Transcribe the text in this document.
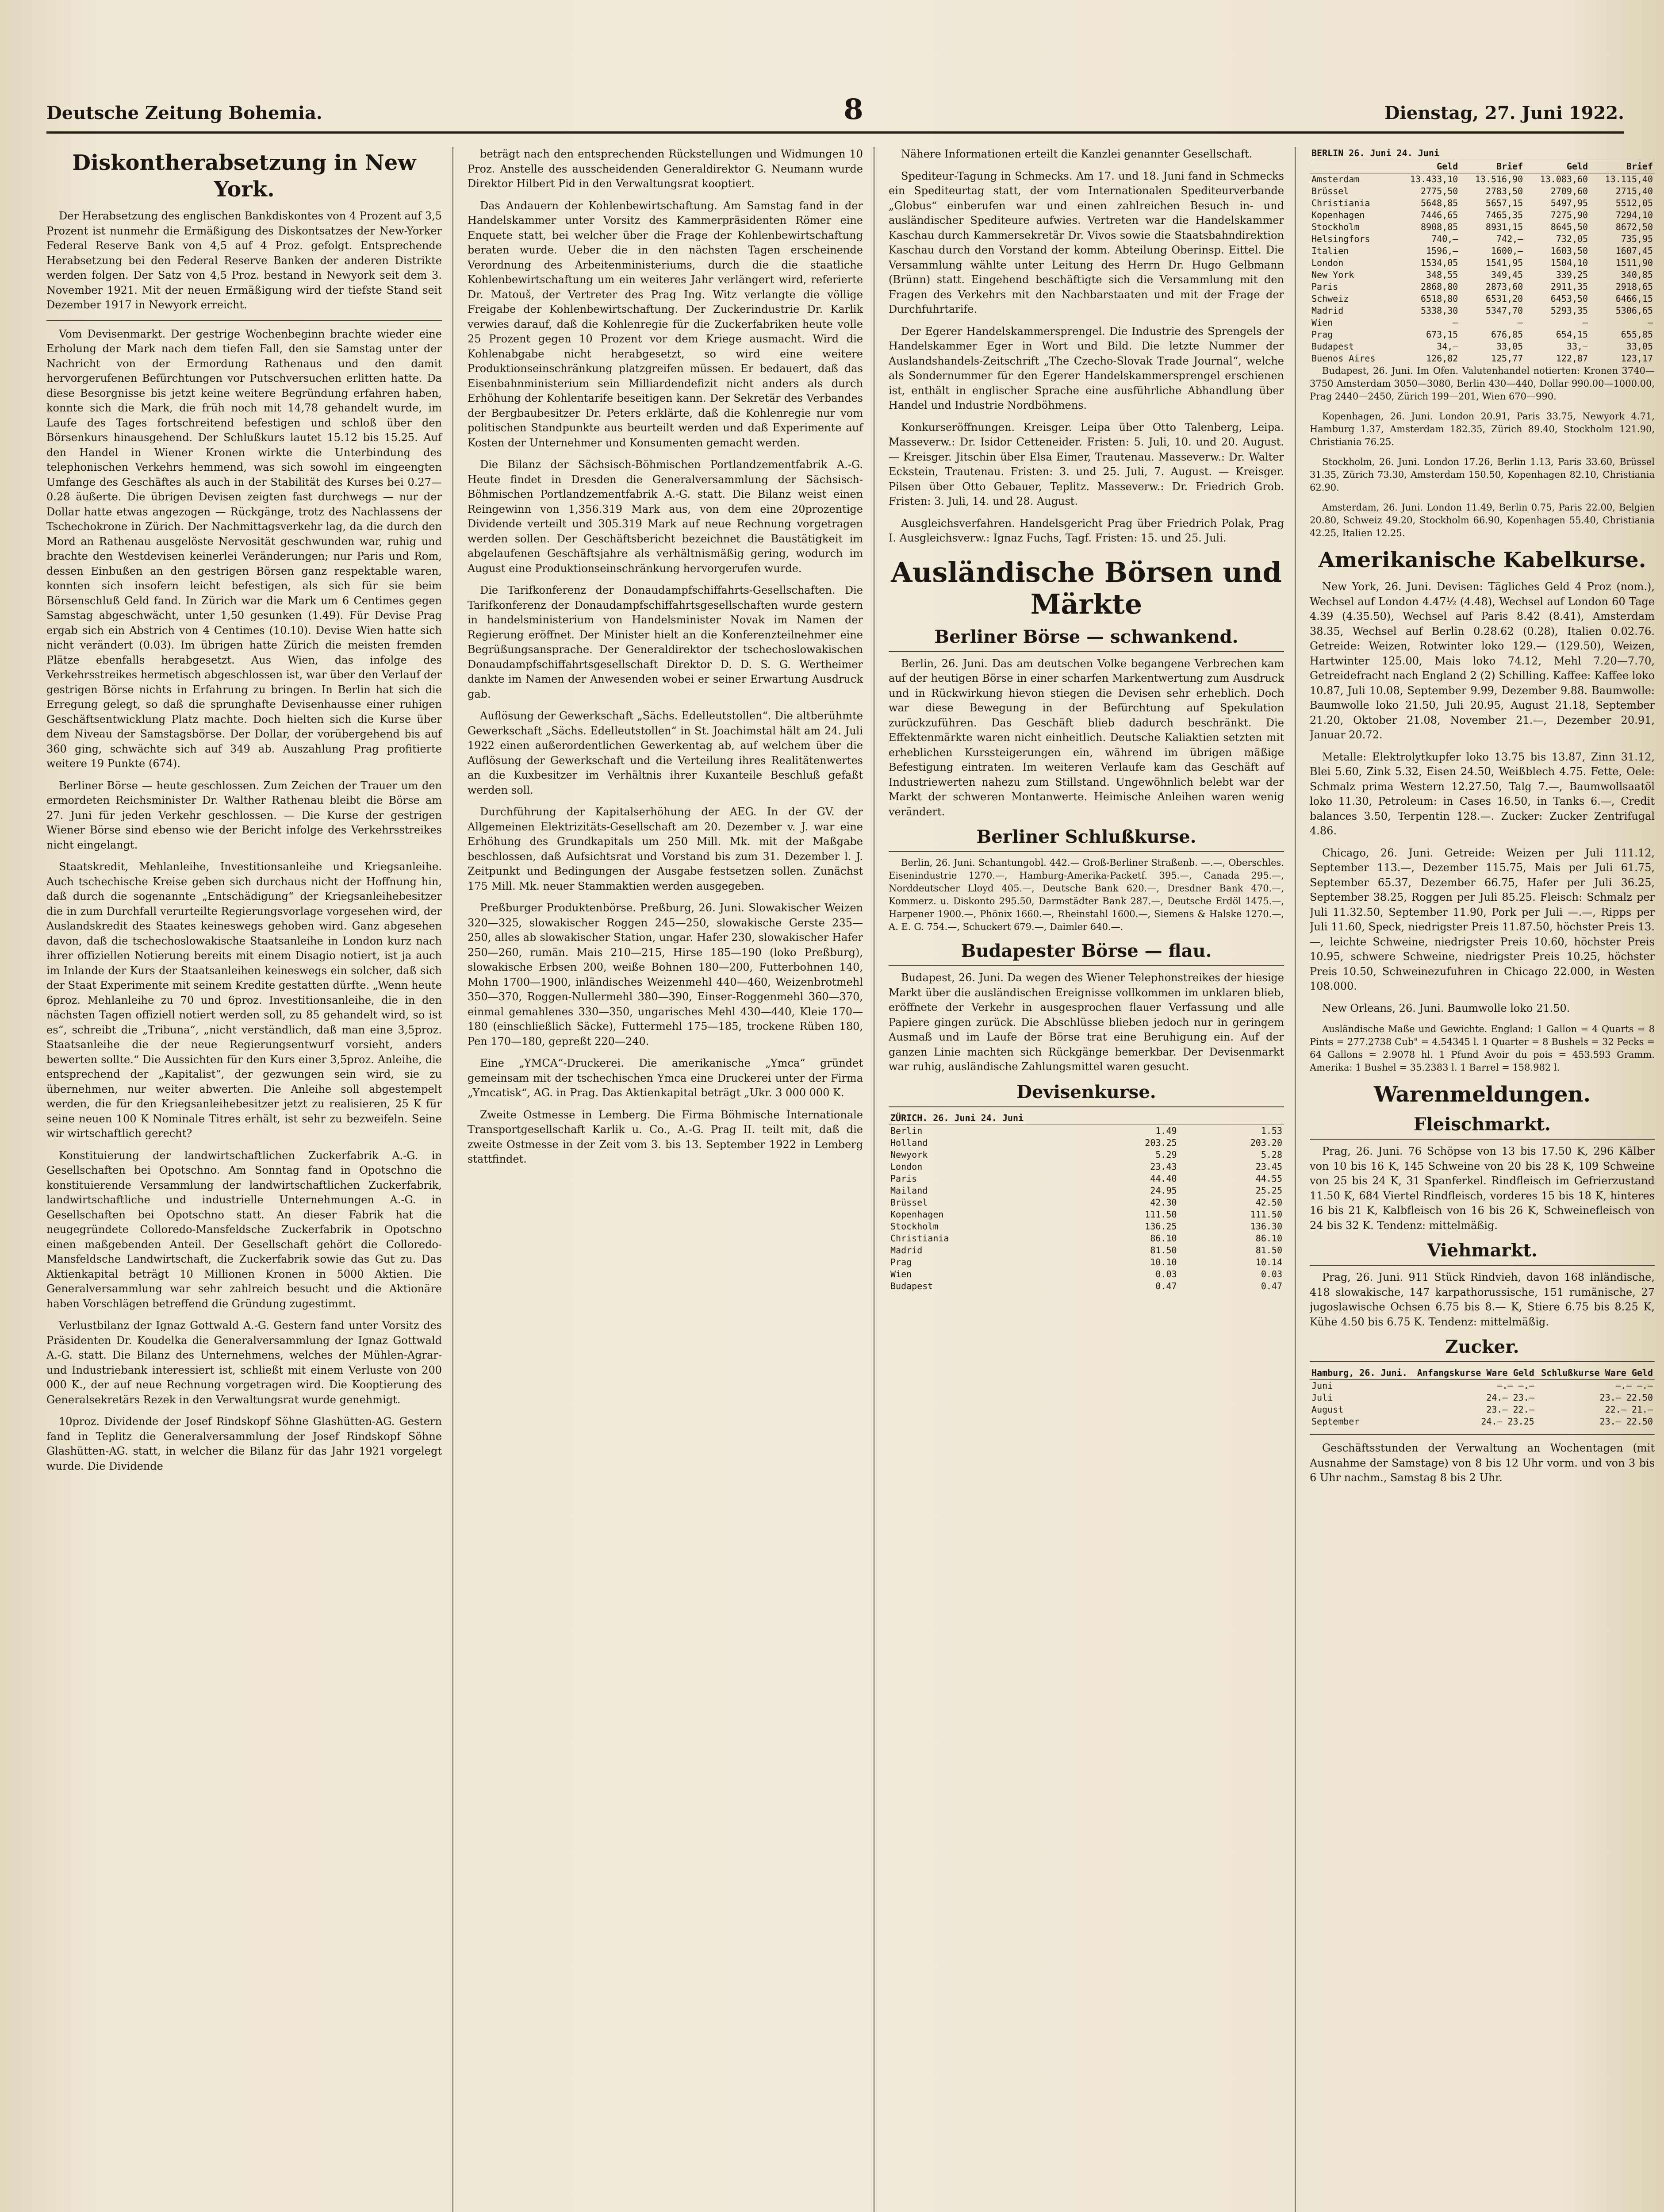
Deutsche Zeitung Bohemia.	8	Dienstag, 27. Juni 1922.
Diskontherabsetzung in New York.

Der Herabsetzung des englischen Bankdiskontes von 4 Prozent auf 3,5 Prozent ist nunmehr die Ermäßigung des Diskontsatzes der New-Yorker Federal Reserve Bank von 4,5 auf 4 Proz. gefolgt. Entsprechende Herabsetzung bei den Federal Reserve Banken der anderen Distrikte werden folgen. Der Satz von 4,5 Proz. bestand in Newyork seit dem 3. November 1921. Mit der neuen Ermäßigung wird der tiefste Stand seit Dezember 1917 in Newyork erreicht.

Vom Devisenmarkt. Der gestrige Wochenbeginn brachte wieder eine Erholung der Mark nach dem tiefen Fall, den sie Samstag unter der Nachricht von der Ermordung Rathenaus und den damit hervorgerufenen Befürchtungen vor Putschversuchen erlitten hatte. Da diese Besorgnisse bis jetzt keine weitere Begründung erfahren haben, konnte sich die Mark, die früh noch mit 14,78 gehandelt wurde, im Laufe des Tages fortschreitend befestigen und schloß über den Börsenkurs hinausgehend. Der Schlußkurs lautet 15.12 bis 15.25. Auf den Handel in Wiener Kronen wirkte die Unterbindung des telephonischen Verkehrs hemmend, was sich sowohl im eingeengten Umfange des Geschäftes als auch in der Stabilität des Kurses bei 0.27—0.28 äußerte. Die übrigen Devisen zeigten fast durchwegs — nur der Dollar hatte etwas angezogen — Rückgänge, trotz des Nachlassens der Tschechokrone in Zürich. Der Nachmittagsverkehr lag, da die durch den Mord an Rathenau ausgelöste Nervosität geschwunden war, ruhig und brachte den Westdevisen keinerlei Veränderungen; nur Paris und Rom, dessen Einbußen an den gestrigen Börsen ganz respektable waren, konnten sich insofern leicht befestigen, als sich für sie beim Börsenschluß Geld fand. In Zürich war die Mark um 6 Centimes gegen Samstag abgeschwächt, unter 1,50 gesunken (1.49). Für Devise Prag ergab sich ein Abstrich von 4 Centimes (10.10). Devise Wien hatte sich nicht verändert (0.03). Im übrigen hatte Zürich die meisten fremden Plätze ebenfalls herabgesetzt. Aus Wien, das infolge des Verkehrsstreikes hermetisch abgeschlossen ist, war über den Verlauf der gestrigen Börse nichts in Erfahrung zu bringen. In Berlin hat sich die Erregung gelegt, so daß die sprunghafte Devisenhausse einer ruhigen Geschäftsentwicklung Platz machte. Doch hielten sich die Kurse über dem Niveau der Samstagsbörse. Der Dollar, der vorübergehend bis auf 360 ging, schwächte sich auf 349 ab. Auszahlung Prag profitierte weitere 19 Punkte (674).

Berliner Börse — heute geschlossen. Zum Zeichen der Trauer um den ermordeten Reichsminister Dr. Walther Rathenau bleibt die Börse am 27. Juni für jeden Verkehr geschlossen. — Die Kurse der gestrigen Wiener Börse sind ebenso wie der Bericht infolge des Verkehrsstreikes nicht eingelangt.

Staatskredit, Mehlanleihe, Investitionsanleihe und Kriegsanleihe. Auch tschechische Kreise geben sich durchaus nicht der Hoffnung hin, daß durch die sogenannte „Entschädigung“ der Kriegsanleihebesitzer die in zum Durchfall verurteilte Regierungsvorlage vorgesehen wird, der Auslandskredit des Staates keineswegs gehoben wird. Ganz abgesehen davon, daß die tschechoslowakische Staatsanleihe in London kurz nach ihrer offiziellen Notierung bereits mit einem Disagio notiert, ist ja auch im Inlande der Kurs der Staatsanleihen keineswegs ein solcher, daß sich der Staat Experimente mit seinem Kredite gestatten dürfte. „Wenn heute 6proz. Mehlanleihe zu 70 und 6proz. Investitionsanleihe, die in den nächsten Tagen offiziell notiert werden soll, zu 85 gehandelt wird, so ist es“, schreibt die „Tribuna“, „nicht verständlich, daß man eine 3,5proz. Staatsanleihe die der neue Regierungsentwurf vorsieht, anders bewerten sollte.“ Die Aussichten für den Kurs einer 3,5proz. Anleihe, die entsprechend der „Kapitalist“, der gezwungen sein wird, sie zu übernehmen, nur weiter abwerten. Die Anleihe soll abgestempelt werden, die für den Kriegsanleihebesitzer jetzt zu realisieren, 25 K für seine neuen 100 K Nominale Titres erhält, ist sehr zu bezweifeln. Seine wir wirtschaftlich gerecht?

Konstituierung der landwirtschaftlichen Zuckerfabrik A.-G. in Gesellschaften bei Opotschno. Am Sonntag fand in Opotschno die konstituierende Versammlung der landwirtschaftlichen Zuckerfabrik, landwirtschaftliche und industrielle Unternehmungen A.-G. in Gesellschaften bei Opotschno statt. An dieser Fabrik hat die neugegründete Colloredo-Mansfeldsche Zuckerfabrik in Opotschno einen maßgebenden Anteil. Der Gesellschaft gehört die Colloredo-Mansfeldsche Landwirtschaft, die Zuckerfabrik sowie das Gut zu. Das Aktienkapital beträgt 10 Millionen Kronen in 5000 Aktien. Die Generalversammlung war sehr zahlreich besucht und die Aktionäre haben Vorschlägen betreffend die Gründung zugestimmt.

Verlustbilanz der Ignaz Gottwald A.-G. Gestern fand unter Vorsitz des Präsidenten Dr. Koudelka die Generalversammlung der Ignaz Gottwald A.-G. statt. Die Bilanz des Unternehmens, welches der Mühlen-Agrar- und Industriebank interessiert ist, schließt mit einem Verluste von 200 000 K., der auf neue Rechnung vorgetragen wird. Die Kooptierung des Generalsekretärs Rezek in den Verwaltungsrat wurde genehmigt.

10proz. Dividende der Josef Rindskopf Söhne Glashütten-AG. Gestern fand in Teplitz die Generalversammlung der Josef Rindskopf Söhne Glashütten-AG. statt, in welcher die Bilanz für das Jahr 1921 vorgelegt wurde. Die Dividende

beträgt nach den entsprechenden Rückstellungen und Widmungen 10 Proz. Anstelle des ausscheidenden Generaldirektor G. Neumann wurde Direktor Hilbert Pid in den Verwaltungsrat kooptiert.

Das Andauern der Kohlenbewirtschaftung. Am Samstag fand in der Handelskammer unter Vorsitz des Kammerpräsidenten Römer eine Enquete statt, bei welcher über die Frage der Kohlenbewirtschaftung beraten wurde. Ueber die in den nächsten Tagen erscheinende Verordnung des Arbeitenministeriums, durch die die staatliche Kohlenbewirtschaftung um ein weiteres Jahr verlängert wird, referierte Dr. Matouš, der Vertreter des Prag Ing. Witz verlangte die völlige Freigabe der Kohlenbewirtschaftung. Der Zuckerindustrie Dr. Karlik verwies darauf, daß die Kohlenregie für die Zuckerfabriken heute volle 25 Prozent gegen 10 Prozent vor dem Kriege ausmacht. Wird die Kohlenabgabe nicht herabgesetzt, so wird eine weitere Produktionseinschränkung platzgreifen müssen. Er bedauert, daß das Eisenbahnministerium sein Milliardendefizit nicht anders als durch Erhöhung der Kohlentarife beseitigen kann. Der Sekretär des Verbandes der Bergbaubesitzer Dr. Peters erklärte, daß die Kohlenregie nur vom politischen Standpunkte aus beurteilt werden und daß Experimente auf Kosten der Unternehmer und Konsumenten gemacht werden.

Die Bilanz der Sächsisch-Böhmischen Portlandzementfabrik A.-G. Heute findet in Dresden die Generalversammlung der Sächsisch-Böhmischen Portlandzementfabrik A.-G. statt. Die Bilanz weist einen Reingewinn von 1,356.319 Mark aus, von dem eine 20prozentige Dividende verteilt und 305.319 Mark auf neue Rechnung vorgetragen werden sollen. Der Geschäftsbericht bezeichnet die Baustätigkeit im abgelaufenen Geschäftsjahre als verhältnismäßig gering, wodurch im August eine Produktionseinschränkung hervorgerufen wurde.

Die Tarifkonferenz der Donaudampfschiffahrts-Gesellschaften. Die Tarifkonferenz der Donaudampfschiffahrtsgesellschaften wurde gestern in handelsministerium von Handelsminister Novak im Namen der Regierung eröffnet. Der Minister hielt an die Konferenzteilnehmer eine Begrüßungsansprache. Der Generaldirektor der tschechoslowakischen Donaudampfschiffahrtsgesellschaft Direktor D. D. S. G. Wertheimer dankte im Namen der Anwesenden wobei er seiner Erwartung Ausdruck gab.

Auflösung der Gewerkschaft „Sächs. Edelleutstollen“. Die altberühmte Gewerkschaft „Sächs. Edelleutstollen“ in St. Joachimstal hält am 24. Juli 1922 einen außerordentlichen Gewerkentag ab, auf welchem über die Auflösung der Gewerkschaft und die Verteilung ihres Realitätenwertes an die Kuxbesitzer im Verhältnis ihrer Kuxanteile Beschluß gefaßt werden soll.

Durchführung der Kapitalserhöhung der AEG. In der GV. der Allgemeinen Elektrizitäts-Gesellschaft am 20. Dezember v. J. war eine Erhöhung des Grundkapitals um 250 Mill. Mk. mit der Maßgabe beschlossen, daß Aufsichtsrat und Vorstand bis zum 31. Dezember l. J. Zeitpunkt und Bedingungen der Ausgabe festsetzen sollen. Zunächst 175 Mill. Mk. neuer Stammaktien werden ausgegeben.

Preßburger Produktenbörse. Preßburg, 26. Juni. Slowakischer Weizen 320—325, slowakischer Roggen 245—250, slowakische Gerste 235—250, alles ab slowakischer Station, ungar. Hafer 230, slowakischer Hafer 250—260, rumän. Mais 210—215, Hirse 185—190 (loko Preßburg), slowakische Erbsen 200, weiße Bohnen 180—200, Futterbohnen 140, Mohn 1700—1900, inländisches Weizenmehl 440—460, Weizenbrotmehl 350—370, Roggen-Nullermehl 380—390, Einser-Roggenmehl 360—370, einmal gemahlenes 330—350, ungarisches Mehl 430—440, Kleie 170—180 (einschließlich Säcke), Futtermehl 175—185, trockene Rüben 180, Pen 170—180, gepreßt 220—240.

Eine „YMCA“-Druckerei. Die amerikanische „Ymca“ gründet gemeinsam mit der tschechischen Ymca eine Druckerei unter der Firma „Ymcatisk“, AG. in Prag. Das Aktienkapital beträgt „Ukr. 3 000 000 K.

Zweite Ostmesse in Lemberg. Die Firma Böhmische Internationale Transportgesellschaft Karlik u. Co., A.-G. Prag II. teilt mit, daß die zweite Ostmesse in der Zeit vom 3. bis 13. September 1922 in Lemberg stattfindet.

Nähere Informationen erteilt die Kanzlei genannter Gesellschaft.

Spediteur-Tagung in Schmecks. Am 17. und 18. Juni fand in Schmecks ein Spediteurtag statt, der vom Internationalen Spediteurverbande „Globus“ einberufen war und einen zahlreichen Besuch in- und ausländischer Spediteure aufwies. Vertreten war die Handelskammer Kaschau durch Kammersekretär Dr. Vivos sowie die Staatsbahndirektion Kaschau durch den Vorstand der komm. Abteilung Oberinsp. Eittel. Die Versammlung wählte unter Leitung des Herrn Dr. Hugo Gelbmann (Brünn) statt. Eingehend beschäftigte sich die Versammlung mit den Fragen des Verkehrs mit den Nachbarstaaten und mit der Frage der Durchfuhrtarife.

Der Egerer Handelskammersprengel. Die Industrie des Sprengels der Handelskammer Eger in Wort und Bild. Die letzte Nummer der Auslandshandels-Zeitschrift „The Czecho-Slovak Trade Journal“, welche als Sondernummer für den Egerer Handelskammersprengel erschienen ist, enthält in englischer Sprache eine ausführliche Abhandlung über Handel und Industrie Nordböhmens.

Konkurseröffnungen. Kreisger. Leipa über Otto Talenberg, Leipa. Masseverw.: Dr. Isidor Cetteneider. Fristen: 5. Juli, 10. und 20. August. — Kreisger. Jitschin über Elsa Eimer, Trautenau. Masseverw.: Dr. Walter Eckstein, Trautenau. Fristen: 3. und 25. Juli, 7. August. — Kreisger. Pilsen über Otto Gebauer, Teplitz. Masseverw.: Dr. Friedrich Grob. Fristen: 3. Juli, 14. und 28. August.

Ausgleichsverfahren. Handelsgericht Prag über Friedrich Polak, Prag I. Ausgleichsverw.: Ignaz Fuchs, Tagf. Fristen: 15. und 25. Juli.

Ausländische Börsen und Märkte
Berliner Börse — schwankend.

Berlin, 26. Juni. Das am deutschen Volke begangene Verbrechen kam auf der heutigen Börse in einer scharfen Markentwertung zum Ausdruck und in Rückwirkung hievon stiegen die Devisen sehr erheblich. Doch war diese Bewegung in der Befürchtung auf Spekulation zurückzuführen. Das Geschäft blieb dadurch beschränkt. Die Effektenmärkte waren nicht einheitlich. Deutsche Kaliaktien setzten mit erheblichen Kurssteigerungen ein, während im übrigen mäßige Befestigung eintraten. Im weiteren Verlaufe kam das Geschäft auf Industriewerten nahezu zum Stillstand. Ungewöhnlich belebt war der Markt der schweren Montanwerte. Heimische Anleihen waren wenig verändert.

Berliner Schlußkurse.

Berlin, 26. Juni. Schantungobl. 442.— Groß-Berliner Straßenb. —.—, Oberschles. Eisenindustrie 1270.—, Hamburg-Amerika-Packetf. 395.—, Canada 295.—, Norddeutscher Lloyd 405.—, Deutsche Bank 620.—, Dresdner Bank 470.—, Kommerz. u. Diskonto 295.50, Darmstädter Bank 287.—, Deutsche Erdöl 1475.—, Harpener 1900.—, Phönix 1660.—, Rheinstahl 1600.—, Siemens & Halske 1270.—, A. E. G. 754.—, Schuckert 679.—, Daimler 640.—.

Budapester Börse — flau.

Budapest, 26. Juni. Da wegen des Wiener Telephonstreikes der hiesige Markt über die ausländischen Ereignisse vollkommen im unklaren blieb, eröffnete der Verkehr in ausgesprochen flauer Verfassung und alle Papiere gingen zurück. Die Abschlüsse blieben jedoch nur in geringem Ausmaß und im Laufe der Börse trat eine Beruhigung ein. Auf der ganzen Linie machten sich Rückgänge bemerkbar. Der Devisenmarkt war ruhig, ausländische Zahlungsmittel waren gesucht.

Devisenkurse.
ZÜRICH. 26. Juni 24. Juni		
Berlin	1.49	1.53
Holland	203.25	203.20
Newyork	5.29	5.28
London	23.43	23.45
Paris	44.40	44.55
Mailand	24.95	25.25
Brüssel	42.30	42.50
Kopenhagen	111.50	111.50
Stockholm	136.25	136.30
Christiania	86.10	86.10
Madrid	81.50	81.50
Prag	10.10	10.14
Wien	0.03	0.03
Budapest	0.47	0.47
BERLIN 26. Juni 24. Juni				
	Geld	Brief	Geld	Brief
Amsterdam	13.433,10	13.516,90	13.083,60	13.115,40
Brüssel	2775,50	2783,50	2709,60	2715,40
Christiania	5648,85	5657,15	5497,95	5512,05
Kopenhagen	7446,65	7465,35	7275,90	7294,10
Stockholm	8908,85	8931,15	8645,50	8672,50
Helsingfors	740,—	742,—	732,05	735,95
Italien	1596,—	1600,—	1603,50	1607,45
London	1534,05	1541,95	1504,10	1511,90
New York	348,55	349,45	339,25	340,85
Paris	2868,80	2873,60	2911,35	2918,65
Schweiz	6518,80	6531,20	6453,50	6466,15
Madrid	5338,30	5347,70	5293,35	5306,65
Wien	—	—	—	—
Prag	673,15	676,85	654,15	655,85
Budapest	34,—	33,05	33,—	33,05
Buenos Aires	126,82	125,77	122,87	123,17

Budapest, 26. Juni. Im Ofen. Valutenhandel notierten: Kronen 3740—3750 Amsterdam 3050—3080, Berlin 430—440, Dollar 990.00—1000.00, Prag 2440—2450, Zürich 199—201, Wien 670—990.

Kopenhagen, 26. Juni. London 20.91, Paris 33.75, Newyork 4.71, Hamburg 1.37, Amsterdam 182.35, Zürich 89.40, Stockholm 121.90, Christiania 76.25.

Stockholm, 26. Juni. London 17.26, Berlin 1.13, Paris 33.60, Brüssel 31.35, Zürich 73.30, Amsterdam 150.50, Kopenhagen 82.10, Christiania 62.90.

Amsterdam, 26. Juni. London 11.49, Berlin 0.75, Paris 22.00, Belgien 20.80, Schweiz 49.20, Stockholm 66.90, Kopenhagen 55.40, Christiania 42.25, Italien 12.25.

Amerikanische Kabelkurse.

New York, 26. Juni. Devisen: Tägliches Geld 4 Proz (nom.), Wechsel auf London 4.47½ (4.48), Wechsel auf London 60 Tage 4.39 (4.35.50), Wechsel auf Paris 8.42 (8.41), Amsterdam 38.35, Wechsel auf Berlin 0.28.62 (0.28), Italien 0.02.76. Getreide: Weizen, Rotwinter loko 129.— (129.50), Weizen, Hartwinter 125.00, Mais loko 74.12, Mehl 7.20—7.70, Getreidefracht nach England 2 (2) Schilling. Kaffee: Kaffee loko 10.87, Juli 10.08, September 9.99, Dezember 9.88. Baumwolle: Baumwolle loko 21.50, Juli 20.95, August 21.18, September 21.20, Oktober 21.08, November 21.—, Dezember 20.91, Januar 20.72.

Metalle: Elektrolytkupfer loko 13.75 bis 13.87, Zinn 31.12, Blei 5.60, Zink 5.32, Eisen 24.50, Weißblech 4.75. Fette, Oele: Schmalz prima Western 12.27.50, Talg 7.—, Baumwollsaatöl loko 11.30, Petroleum: in Cases 16.50, in Tanks 6.—, Credit balances 3.50, Terpentin 128.—. Zucker: Zucker Zentrifugal 4.86.

Chicago, 26. Juni. Getreide: Weizen per Juli 111.12, September 113.—, Dezember 115.75, Mais per Juli 61.75, September 65.37, Dezember 66.75, Hafer per Juli 36.25, September 38.25, Roggen per Juli 85.25. Fleisch: Schmalz per Juli 11.32.50, September 11.90, Pork per Juli —.—, Ripps per Juli 11.60, Speck, niedrigster Preis 11.87.50, höchster Preis 13.—, leichte Schweine, niedrigster Preis 10.60, höchster Preis 10.95, schwere Schweine, niedrigster Preis 10.25, höchster Preis 10.50, Schweinezufuhren in Chicago 22.000, in Westen 108.000.

New Orleans, 26. Juni. Baumwolle loko 21.50.

Ausländische Maße und Gewichte. England: 1 Gallon = 4 Quarts = 8 Pints = 277.2738 Cub" = 4.54345 l. 1 Quarter = 8 Bushels = 32 Pecks = 64 Gallons = 2.9078 hl. 1 Pfund Avoir du pois = 453.593 Gramm. Amerika: 1 Bushel = 35.2383 l. 1 Barrel = 158.982 l.

Warenmeldungen.
Fleischmarkt.

Prag, 26. Juni. 76 Schöpse von 13 bis 17.50 K, 296 Kälber von 10 bis 16 K, 145 Schweine von 20 bis 28 K, 109 Schweine von 25 bis 24 K, 31 Spanferkel. Rindfleisch im Gefrierzustand 11.50 K, 684 Viertel Rindfleisch, vorderes 15 bis 18 K, hinteres 16 bis 21 K, Kalbfleisch von 16 bis 26 K, Schweinefleisch von 24 bis 32 K. Tendenz: mittelmäßig.

Viehmarkt.

Prag, 26. Juni. 911 Stück Rindvieh, davon 168 inländische, 418 slowakische, 147 karpathorussische, 151 rumänische, 27 jugoslawische Ochsen 6.75 bis 8.— K, Stiere 6.75 bis 8.25 K, Kühe 4.50 bis 6.75 K. Tendenz: mittelmäßig.

Zucker.
Hamburg, 26. Juni.	Anfangskurse Ware Geld	Schlußkurse Ware Geld
Juni	—.— —.—	—.— —.—
Juli	24.— 23.—	23.— 22.50
August	23.— 22.—	22.— 21.—
September	24.— 23.25	23.— 22.50

Geschäftsstunden der Verwaltung an Wochentagen (mit Ausnahme der Samstage) von 8 bis 12 Uhr vorm. und von 3 bis 6 Uhr nachm., Samstag 8 bis 2 Uhr.
